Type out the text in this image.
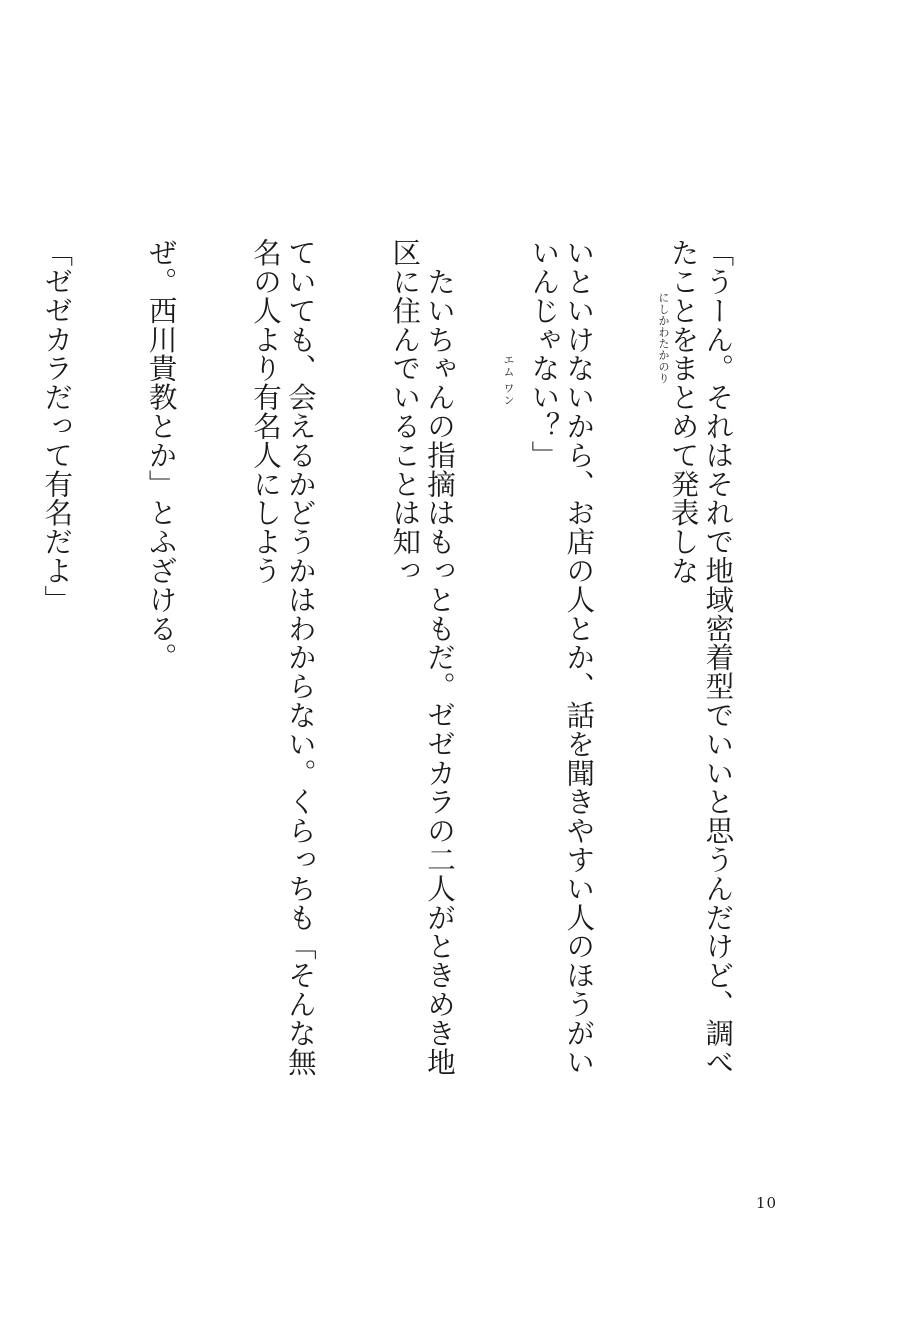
「うーん。それはそれで地域密着型でいいと思うんだけど、調べたことをまとめて発表しな

いといけないから、お店の人とか、話を聞きやすい人のほうがいいんじゃない？」

　たいちゃんの指摘はもっともだ。ゼゼカラの二人がときめき地区に住んでいることは知っ

ていても、会えるかどうかはわからない。くらっちも「そんな無名の人より有名人にしよう

ぜ。西川貴教とか」とふざける。

「ゼゼカラだって有名だよ」

	にしかわたかのり
エム ワン
10
